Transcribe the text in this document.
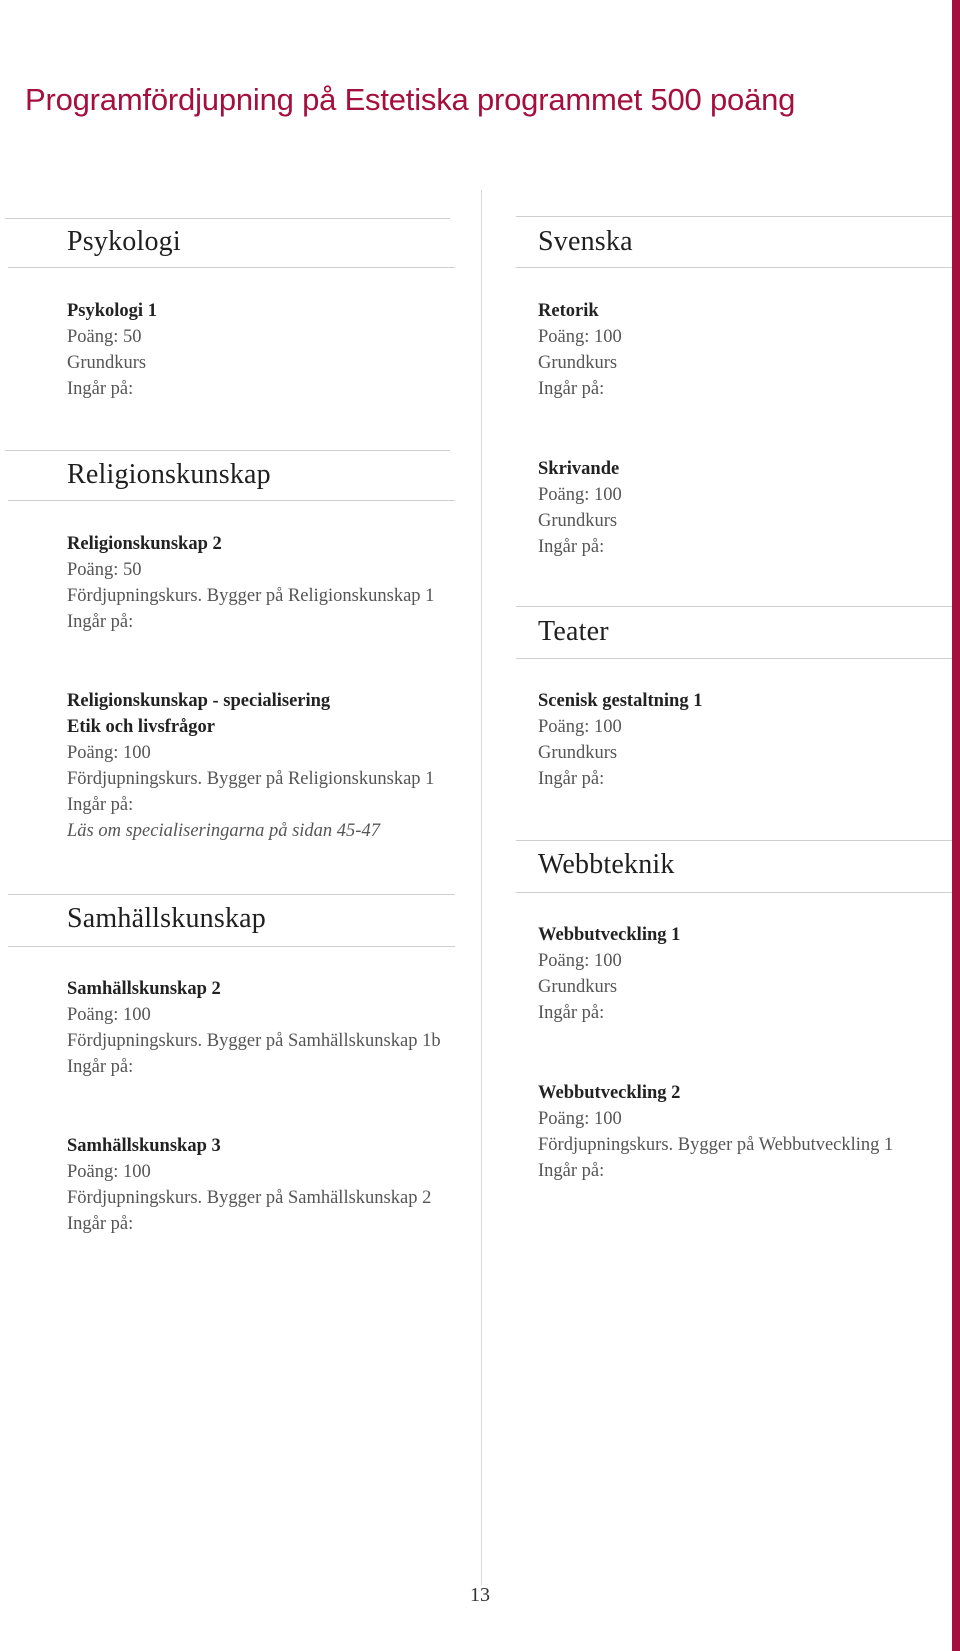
Programfördjupning på Estetiska programmet 500 poäng
Psykologi
Psykologi 1
Poäng: 50
Grundkurs
Ingår på:
Religionskunskap
Religionskunskap 2
Poäng: 50
Fördjupningskurs. Bygger på Religionskunskap 1
Ingår på:
Religionskunskap - specialisering
Etik och livsfrågor
Poäng: 100
Fördjupningskurs. Bygger på Religionskunskap 1
Ingår på:
Läs om specialiseringarna på sidan 45-47
Samhällskunskap
Samhällskunskap 2
Poäng: 100
Fördjupningskurs. Bygger på Samhällskunskap 1b
Ingår på:
Samhällskunskap 3
Poäng: 100
Fördjupningskurs. Bygger på Samhällskunskap 2
Ingår på:
Svenska
Retorik
Poäng: 100
Grundkurs
Ingår på:
Skrivande
Poäng: 100
Grundkurs
Ingår på:
Teater
Scenisk gestaltning 1
Poäng: 100
Grundkurs
Ingår på:
Webbteknik
Webbutveckling 1
Poäng: 100
Grundkurs
Ingår på:
Webbutveckling 2
Poäng: 100
Fördjupningskurs. Bygger på Webbutveckling 1
Ingår på:
13
